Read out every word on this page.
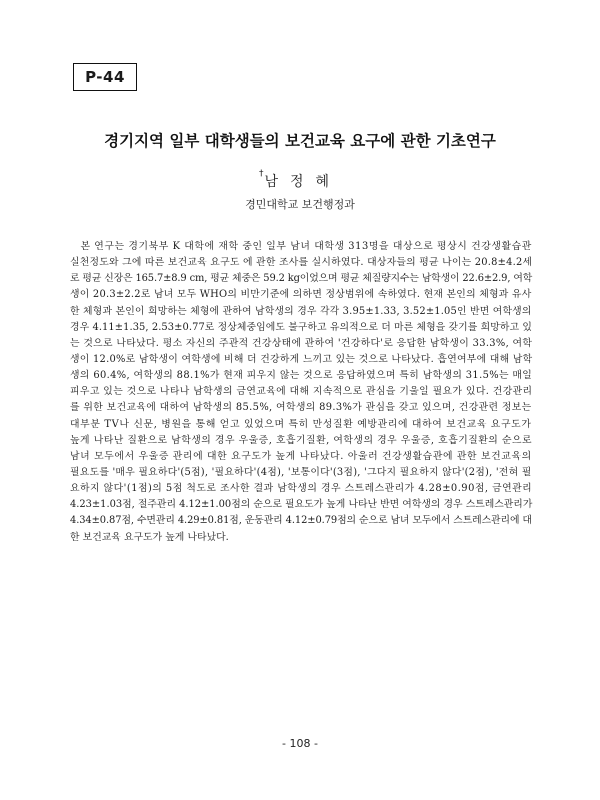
P-44
경기지역 일부 대학생들의 보건교육 요구에 관한 기초연구
†남정혜
경민대학교 보건행정과
　본 연구는 경기북부 K 대학에 재학 중인 일부 남녀 대학생 313명을 대상으로 평상시 건강생활습관
실천정도와 그에 따른 보건교육 요구도 에 관한 조사를 실시하였다. 대상자들의 평균 나이는 20.8±4.2세
로 평균 신장은 165.7±8.9 cm, 평균 체중은 59.2 kg이었으며 평균 체질량지수는 남학생이 22.6±2.9, 여학
생이 20.3±2.2로 남녀 모두 WHO의 비만기준에 의하면 정상범위에 속하였다. 현재 본인의 체형과 유사
한 체형과 본인이 희망하는 체형에 관하여 남학생의 경우 각각 3.95±1.33, 3.52±1.05인 반면 여학생의
경우 4.11±1.35, 2.53±0.77로 정상체중임에도 불구하고 유의적으로 더 마른 체형을 갖기를 희망하고 있
는 것으로 나타났다. 평소 자신의 주관적 건강상태에 관하여 '건강하다'로 응답한 남학생이 33.3%, 여학
생이 12.0%로 남학생이 여학생에 비해 더 건강하게 느끼고 있는 것으로 나타났다. 흡연여부에 대해 남학
생의 60.4%, 여학생의 88.1%가 현재 피우지 않는 것으로 응답하였으며 특히 남학생의 31.5%는 매일
피우고 있는 것으로 나타나 남학생의 금연교육에 대해 지속적으로 관심을 기울일 필요가 있다. 건강관리
를 위한 보건교육에 대하여 남학생의 85.5%, 여학생의 89.3%가 관심을 갖고 있으며, 건강관련 정보는
대부분 TV나 신문, 병원을 통해 얻고 있었으며 특히 만성질환 예방관리에 대하여 보건교육 요구도가
높게 나타난 질환으로 남학생의 경우 우울증, 호흡기질환, 여학생의 경우 우울증, 호흡기질환의 순으로
남녀 모두에서 우울증 관리에 대한 요구도가 높게 나타났다. 아울러 건강생활습관에 관한 보건교육의
필요도를 '매우 필요하다'(5점), '필요하다'(4점), '보통이다'(3점), '그다지 필요하지 않다'(2점), '전혀 필
요하지 않다'(1점)의 5점 척도로 조사한 결과 남학생의 경우 스트레스관리가 4.28±0.90점, 금연관리
4.23±1.03점, 절주관리 4.12±1.00점의 순으로 필요도가 높게 나타난 반면 여학생의 경우 스트레스관리가
4.34±0.87점, 수면관리 4.29±0.81점, 운동관리 4.12±0.79점의 순으로 남녀 모두에서 스트레스관리에 대
한 보건교육 요구도가 높게 나타났다.
- 108 -
